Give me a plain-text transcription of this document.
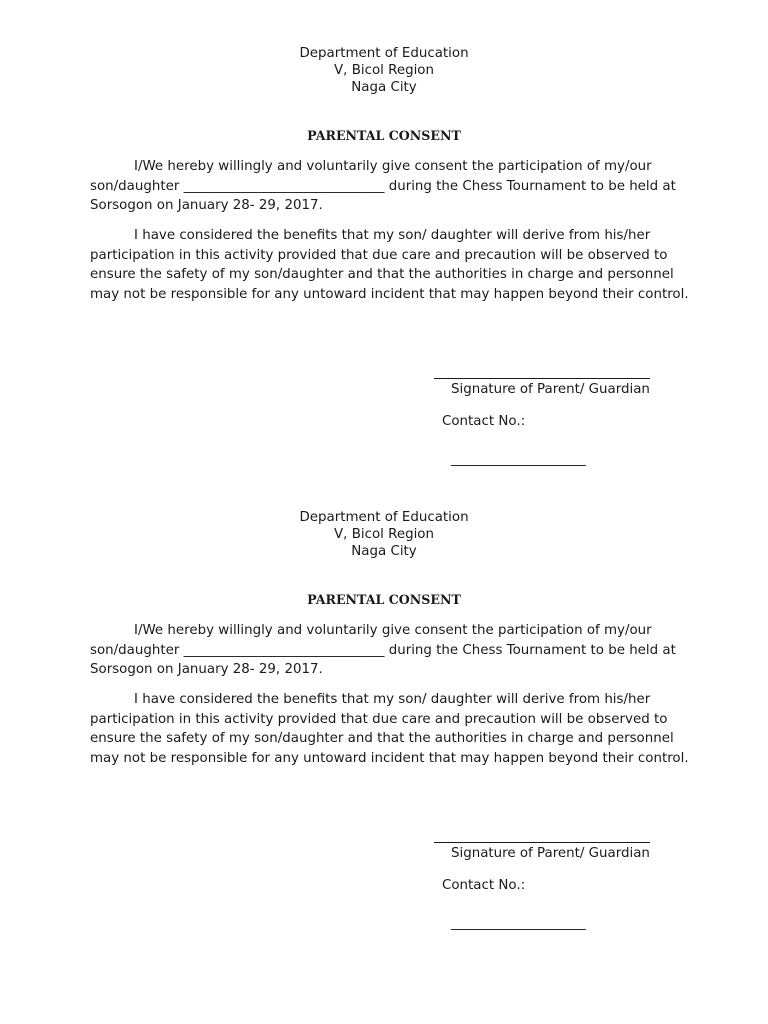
Department of Education
V, Bicol Region
Naga City
PARENTAL CONSENT

I/We hereby willingly and voluntarily give consent the participation of my/our
son/daughter ______________________________ during the Chess Tournament to be held at
Sorsogon on January 28- 29, 2017.

I have considered the benefits that my son/ daughter will derive from his/her
participation in this activity provided that due care and precaution will be observed to
ensure the safety of my son/daughter and that the authorities in charge and personnel
may not be responsible for any untoward incident that may happen beyond their control.

Signature of Parent/ Guardian
Contact No.:
______________________
Department of Education
V, Bicol Region
Naga City
PARENTAL CONSENT

I/We hereby willingly and voluntarily give consent the participation of my/our
son/daughter ______________________________ during the Chess Tournament to be held at
Sorsogon on January 28- 29, 2017.

I have considered the benefits that my son/ daughter will derive from his/her
participation in this activity provided that due care and precaution will be observed to
ensure the safety of my son/daughter and that the authorities in charge and personnel
may not be responsible for any untoward incident that may happen beyond their control.

Signature of Parent/ Guardian
Contact No.:
______________________
